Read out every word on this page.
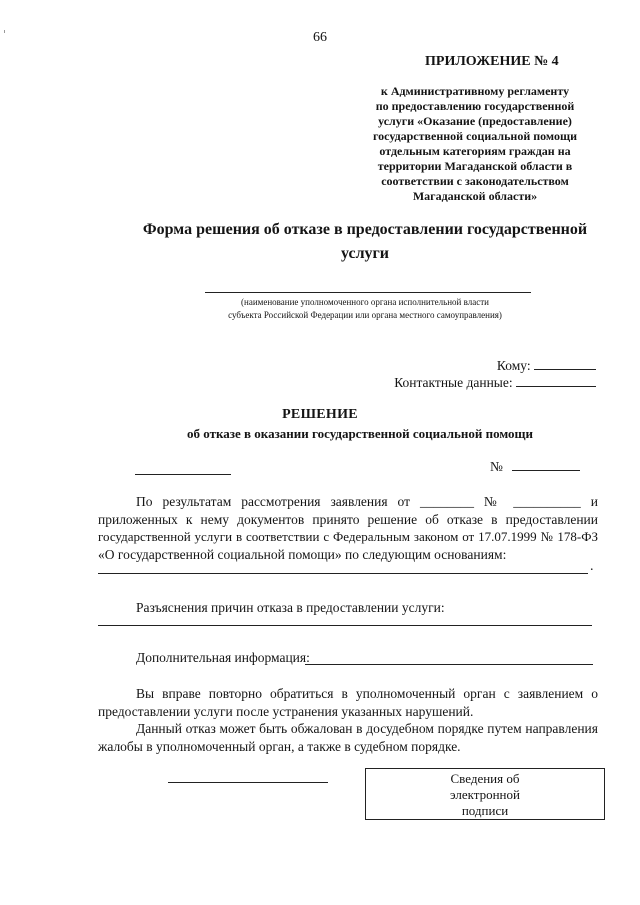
66
ПРИЛОЖЕНИЕ № 4
к Административному регламенту
по предоставлению государственной
услуги «Оказание (предоставление)
государственной социальной помощи
отдельным категориям граждан на
территории Магаданской области в
соответствии с законодательством
Магаданской области»
Форма решения об отказе в предоставлении государственной
услуги
(наименование уполномоченного органа исполнительной власти
субъекта Российской Федерации или органа местного самоуправления)
Кому:
Контактные данные:
РЕШЕНИЕ
об отказе в оказании государственной социальной помощи
№
По результатам рассмотрения заявления от ________ № __________ и
приложенных к нему документов принято решение об отказе в предоставлении
государственной услуги в соответствии с Федеральным законом от 17.07.1999 № 178-ФЗ
«О государственной социальной помощи» по следующим основаниям:
.
Разъяснения причин отказа в предоставлении услуги:
Дополнительная информация:
Вы вправе повторно обратиться в уполномоченный орган с заявлением о
предоставлении услуги после устранения указанных нарушений.
Данный отказ может быть обжалован в досудебном порядке путем направления
жалобы в уполномоченный орган, а также в судебном порядке.
Сведения об
электронной
подписи
